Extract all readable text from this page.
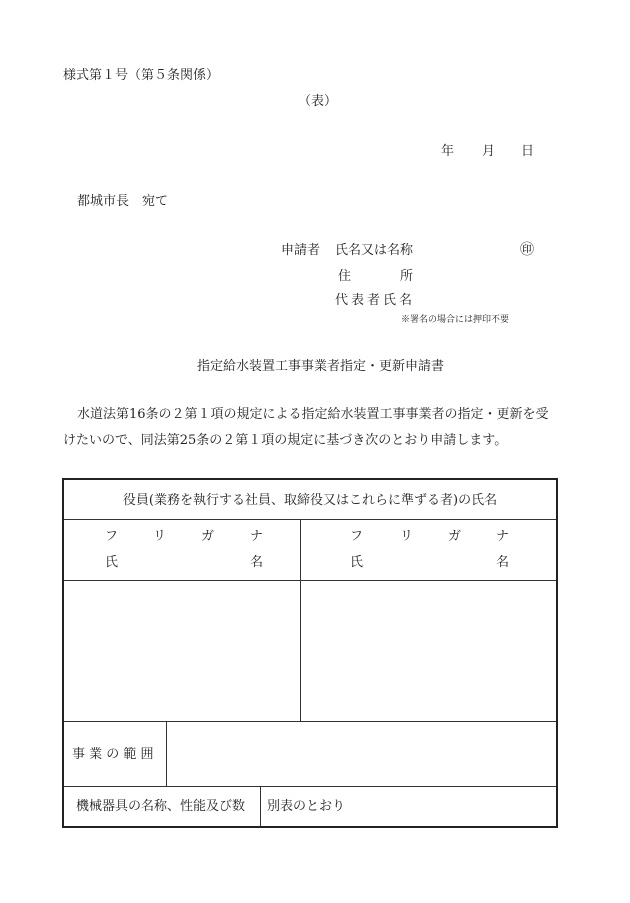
様式第１号（第５条関係）
（表）
年 月 日
都城市長　宛て
申請者 氏名又は名称	㊞
住	所
代表者氏名
※署名の場合には押印不要
指定給水装置工事事業者指定・更新申請書
水道法第16条の２第１項の規定による指定給水装置工事事業者の指定・更新を受
けたいので、同法第25条の２第１項の規定に基づき次のとおり申請します。
役員(業務を執行する社員、取締役又はこれらに準ずる者)の氏名
フ	リ	ガ	ナ
氏	名
フ	リ	ガ	ナ
氏	名
事 業 の 範 囲
機械器具の名称、性能及び数 別表のとおり
